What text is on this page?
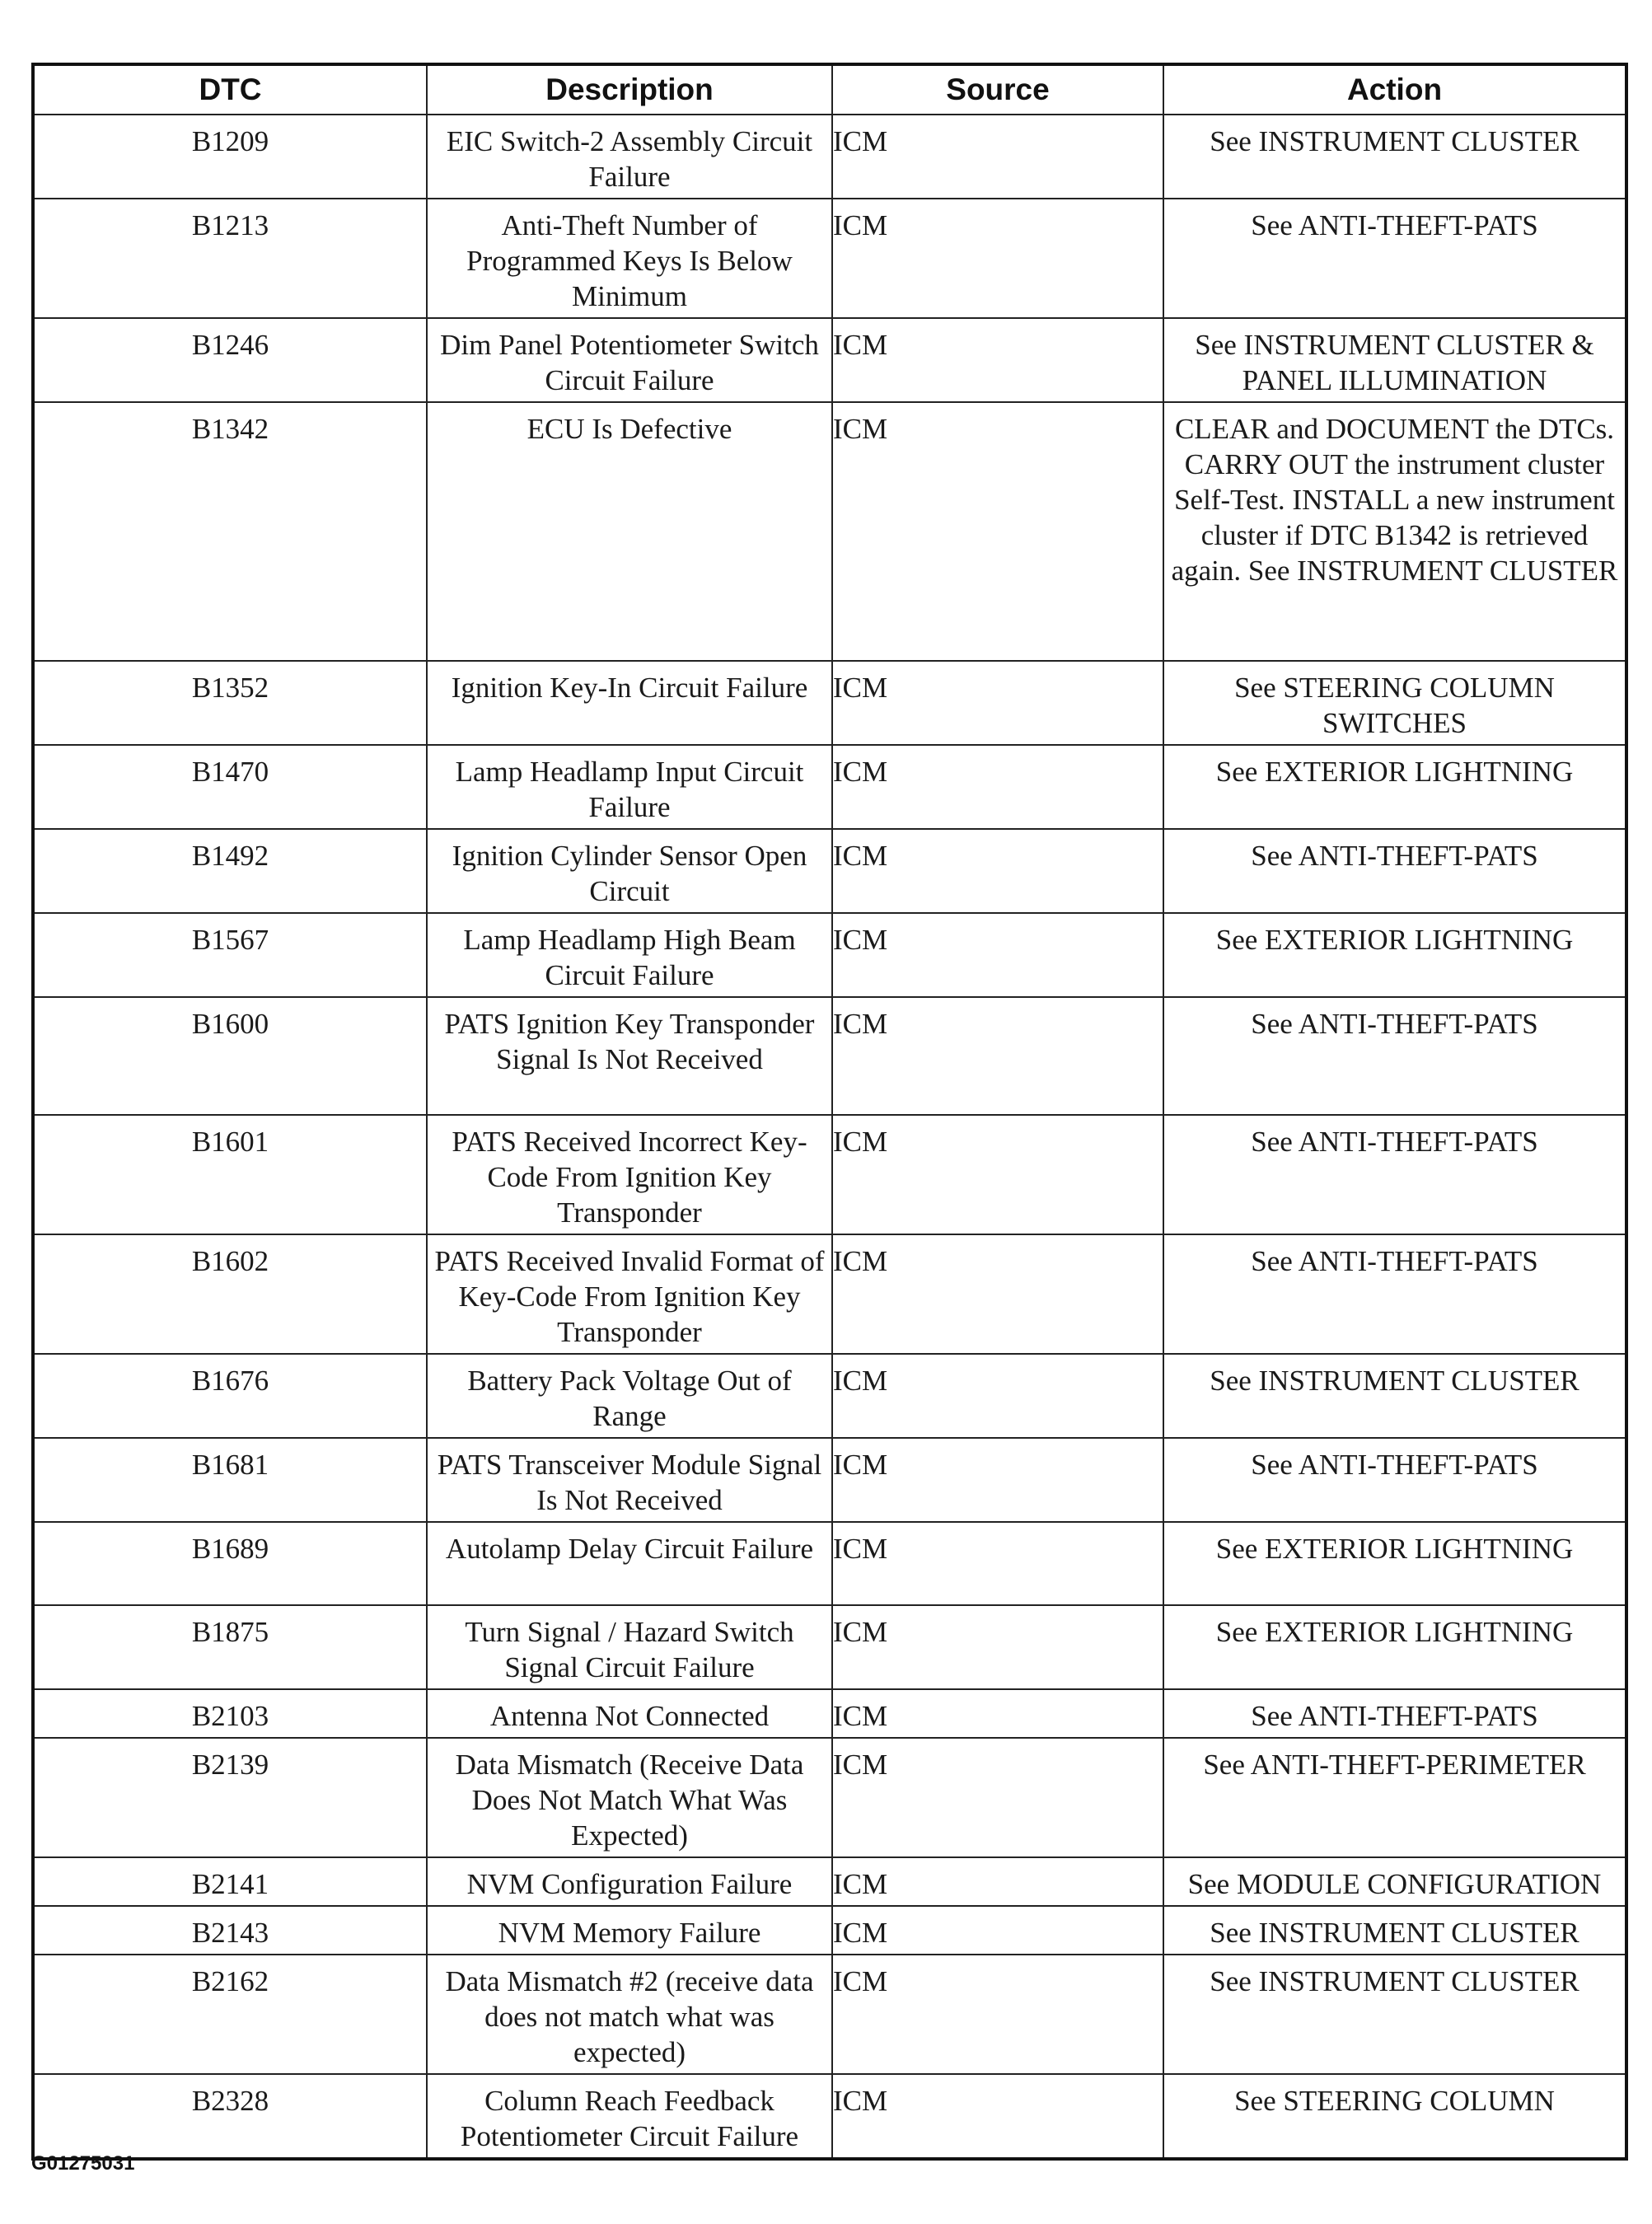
DTC	Description	Source	Action
B1209	EIC Switch-2 Assembly Circuit Failure	ICM	See INSTRUMENT CLUSTER
B1213	Anti-Theft Number of Programmed Keys Is Below Minimum	ICM	See ANTI-THEFT-PATS
B1246	Dim Panel Potentiometer Switch Circuit Failure	ICM	See INSTRUMENT CLUSTER & PANEL ILLUMINATION
B1342	ECU Is Defective	ICM	CLEAR and DOCUMENT the DTCs. CARRY OUT the instrument cluster Self-Test. INSTALL a new instrument cluster if DTC B1342 is retrieved again. See INSTRUMENT CLUSTER
B1352	Ignition Key-In Circuit Failure	ICM	See STEERING COLUMN SWITCHES
B1470	Lamp Headlamp Input Circuit Failure	ICM	See EXTERIOR LIGHTNING
B1492	Ignition Cylinder Sensor Open Circuit	ICM	See ANTI-THEFT-PATS
B1567	Lamp Headlamp High Beam Circuit Failure	ICM	See EXTERIOR LIGHTNING
B1600	PATS Ignition Key Transponder Signal Is Not Received	ICM	See ANTI-THEFT-PATS
B1601	PATS Received Incorrect Key-Code From Ignition Key Transponder	ICM	See ANTI-THEFT-PATS
B1602	PATS Received Invalid Format of Key-Code From Ignition Key Transponder	ICM	See ANTI-THEFT-PATS
B1676	Battery Pack Voltage Out of Range	ICM	See INSTRUMENT CLUSTER
B1681	PATS Transceiver Module Signal Is Not Received	ICM	See ANTI-THEFT-PATS
B1689	Autolamp Delay Circuit Failure	ICM	See EXTERIOR LIGHTNING
B1875	Turn Signal / Hazard Switch Signal Circuit Failure	ICM	See EXTERIOR LIGHTNING
B2103	Antenna Not Connected	ICM	See ANTI-THEFT-PATS
B2139	Data Mismatch (Receive Data Does Not Match What Was Expected)	ICM	See ANTI-THEFT-PERIMETER
B2141	NVM Configuration Failure	ICM	See MODULE CONFIGURATION
B2143	NVM Memory Failure	ICM	See INSTRUMENT CLUSTER
B2162	Data Mismatch #2 (receive data does not match what was expected)	ICM	See INSTRUMENT CLUSTER
B2328	Column Reach Feedback Potentiometer Circuit Failure	ICM	See STEERING COLUMN
G01275031
